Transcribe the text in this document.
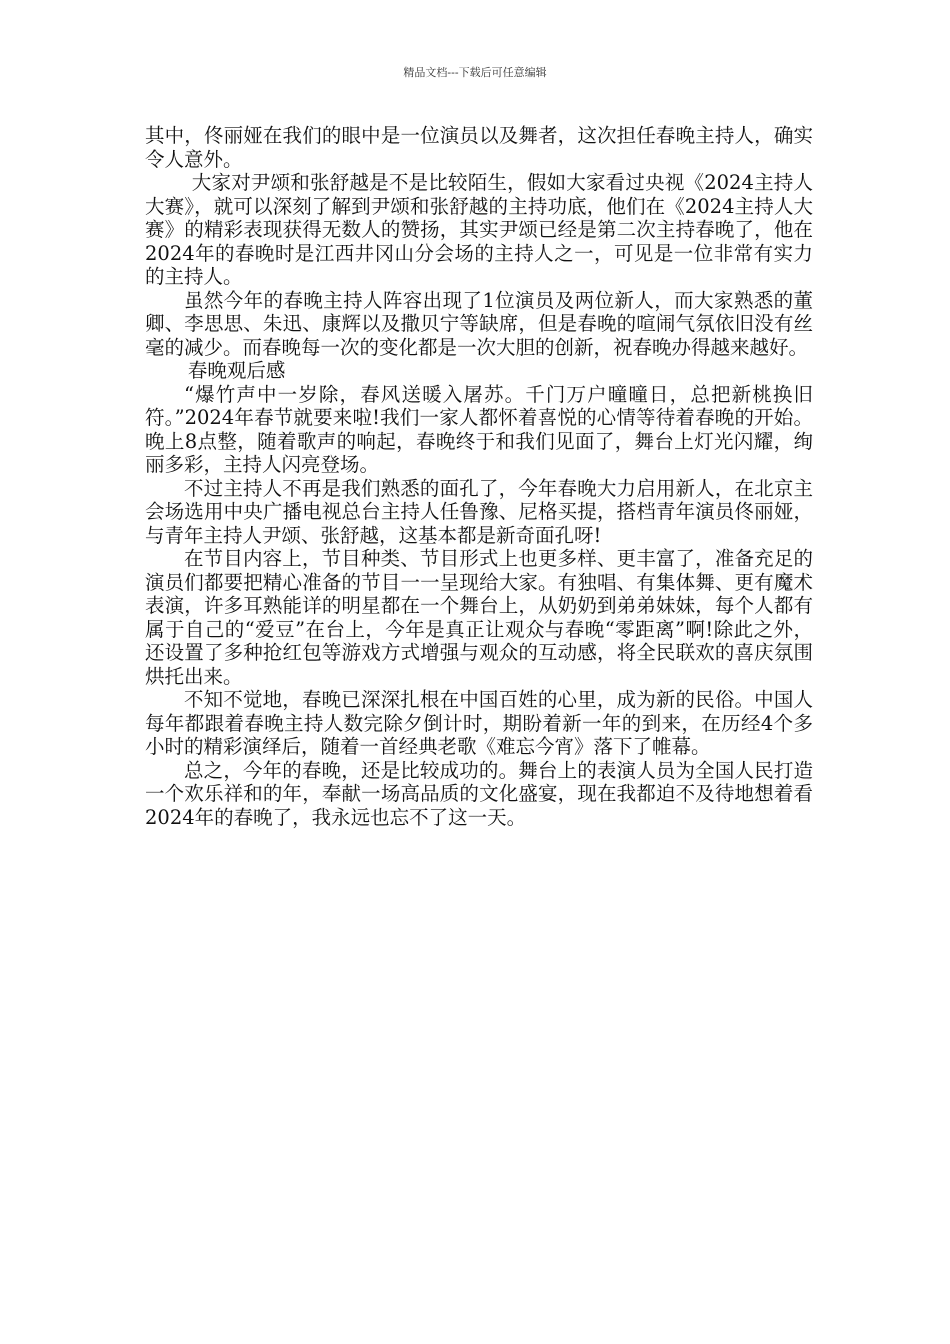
精品文档---下载后可任意编辑

其中，佟丽娅在我们的眼中是一位演员以及舞者，这次担任春晚主持人，确实令人意外。

大家对尹颂和张舒越是不是比较陌生，假如大家看过央视《2024主持人大赛》，就可以深刻了解到尹颂和张舒越的主持功底，他们在《2024主持人大赛》的精彩表现获得无数人的赞扬，其实尹颂已经是第二次主持春晚了，他在2024年的春晚时是江西井冈山分会场的主持人之一，可见是一位非常有实力的主持人。

虽然今年的春晚主持人阵容出现了1位演员及两位新人，而大家熟悉的董卿、李思思、朱迅、康辉以及撒贝宁等缺席，但是春晚的喧闹气氛依旧没有丝毫的减少。而春晚每一次的变化都是一次大胆的创新，祝春晚办得越来越好。

春晚观后感

“爆竹声中一岁除，春风送暖入屠苏。千门万户曈曈日，总把新桃换旧符。”2024年春节就要来啦!我们一家人都怀着喜悦的心情等待着春晚的开始。晚上8点整，随着歌声的响起，春晚终于和我们见面了，舞台上灯光闪耀，绚丽多彩，主持人闪亮登场。

不过主持人不再是我们熟悉的面孔了，今年春晚大力启用新人，在北京主会场选用中央广播电视总台主持人任鲁豫、尼格买提，搭档青年演员佟丽娅，与青年主持人尹颂、张舒越，这基本都是新奇面孔呀!

在节目内容上，节目种类、节目形式上也更多样、更丰富了，准备充足的演员们都要把精心准备的节目一一呈现给大家。有独唱、有集体舞、更有魔术表演，许多耳熟能详的明星都在一个舞台上，从奶奶到弟弟妹妹，每个人都有属于自己的“爱豆”在台上，今年是真正让观众与春晚“零距离”啊!除此之外，还设置了多种抢红包等游戏方式增强与观众的互动感，将全民联欢的喜庆氛围烘托出来。

不知不觉地，春晚已深深扎根在中国百姓的心里，成为新的民俗。中国人每年都跟着春晚主持人数完除夕倒计时，期盼着新一年的到来，在历经4个多小时的精彩演绎后，随着一首经典老歌《难忘今宵》落下了帷幕。

总之，今年的春晚，还是比较成功的。舞台上的表演人员为全国人民打造一个欢乐祥和的年，奉献一场高品质的文化盛宴，现在我都迫不及待地想着看2024年的春晚了，我永远也忘不了这一天。
